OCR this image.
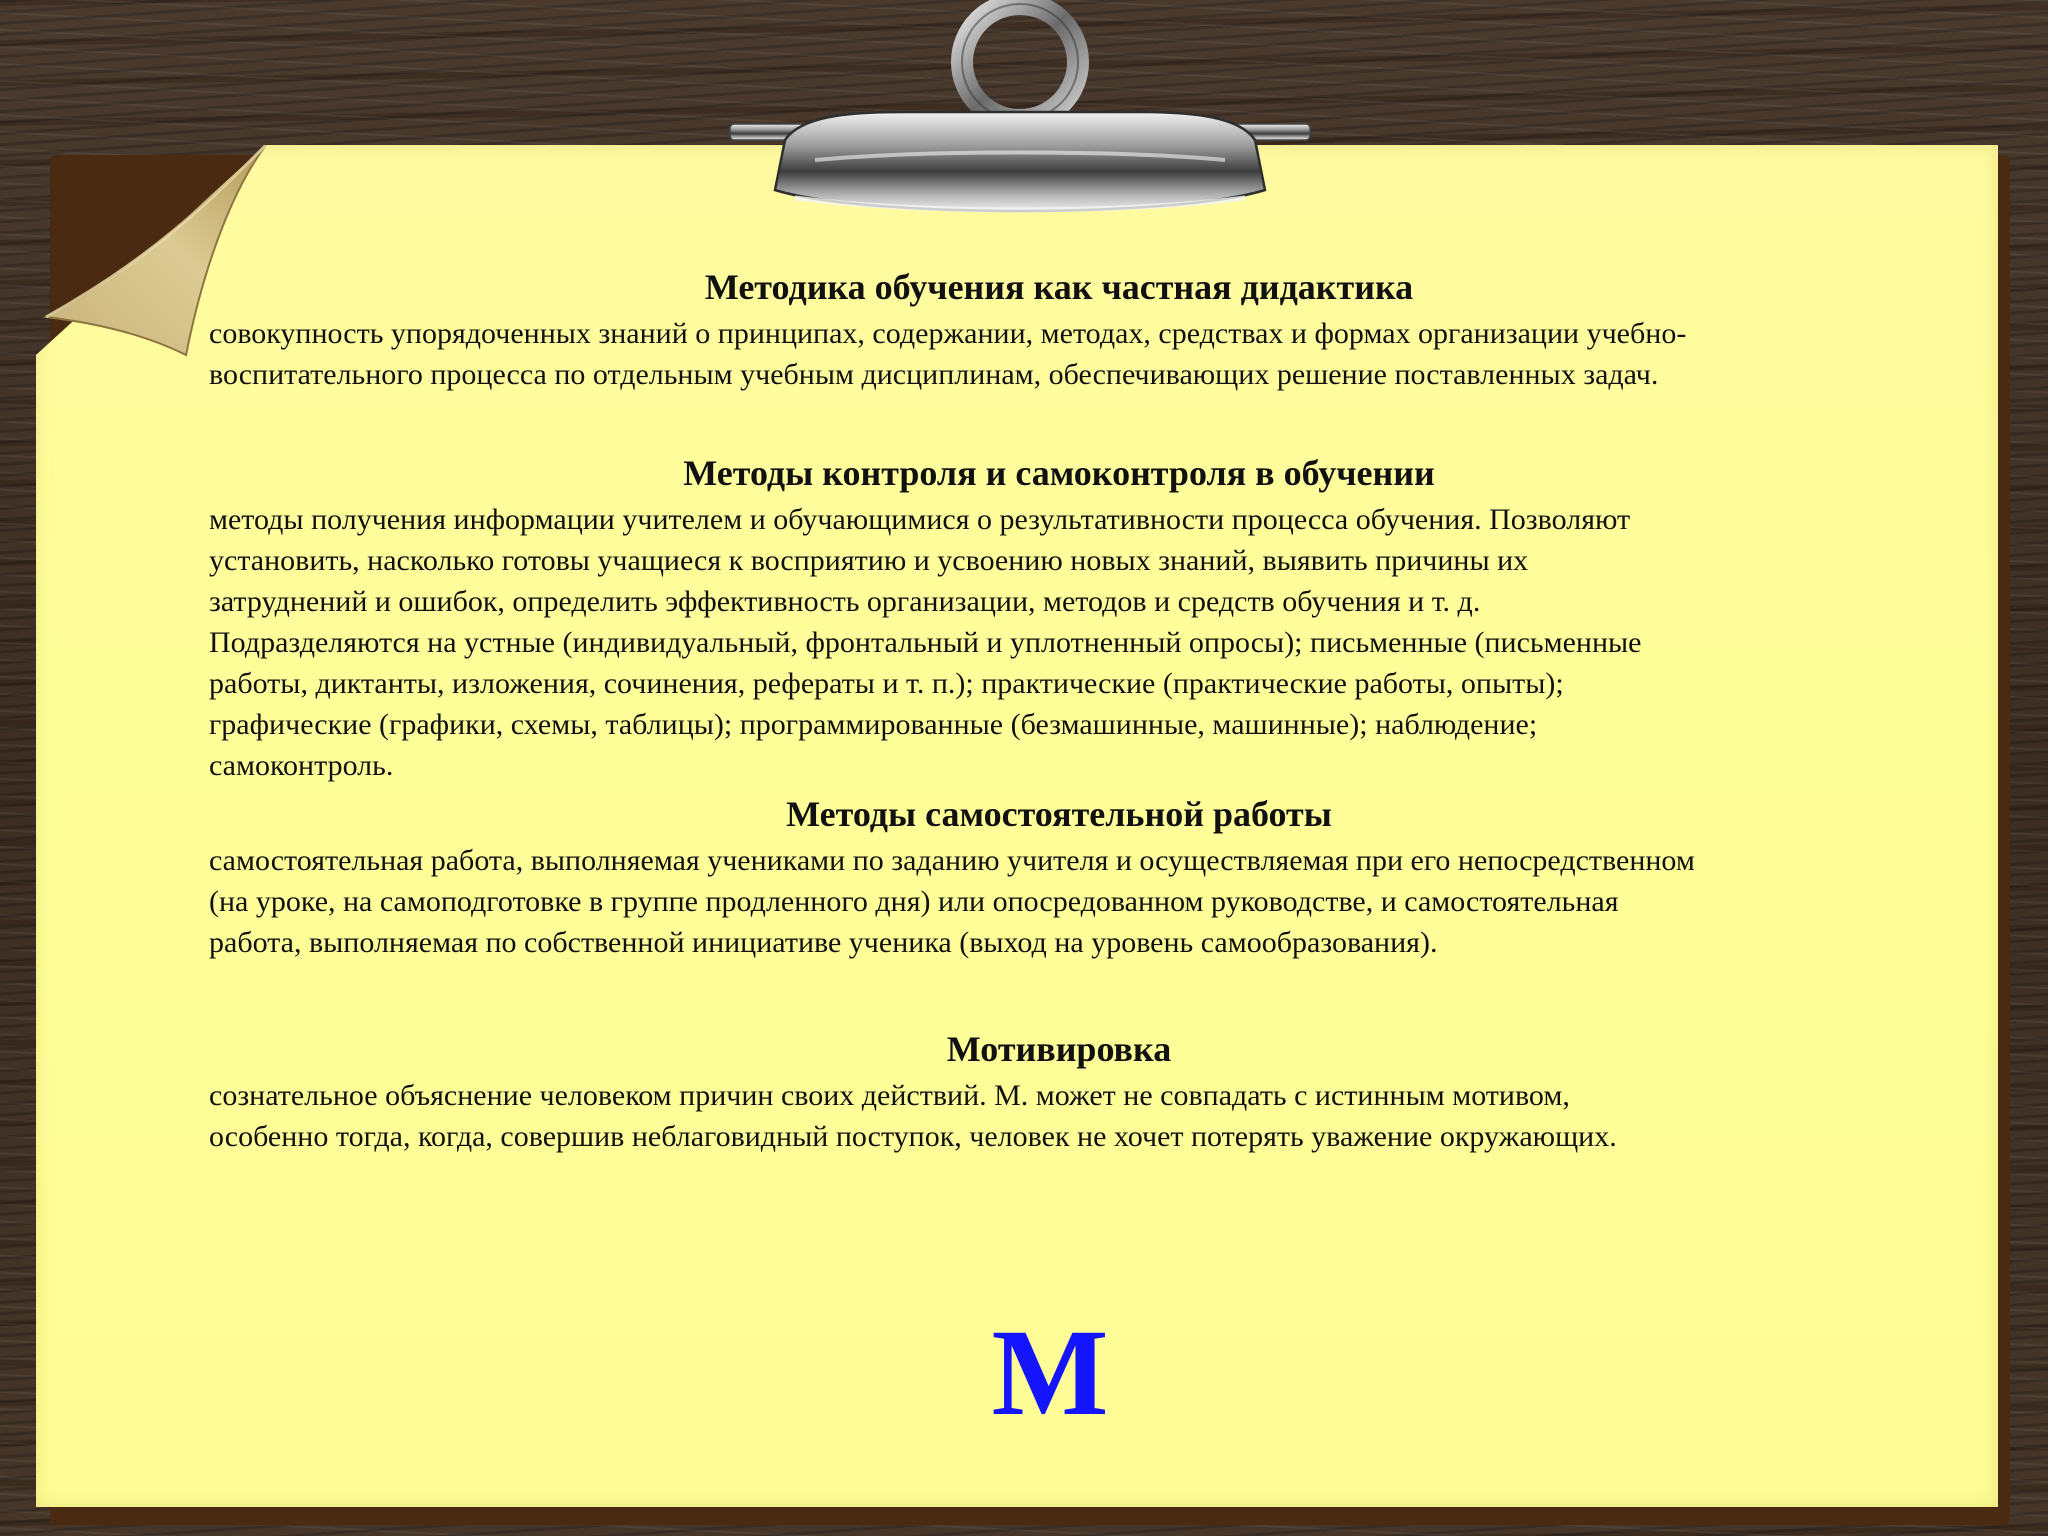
Методика обучения как частная дидактика

совокупность упорядоченных знаний о принципах, содержании, методах, средствах и формах организации учебно-
воспитательного процесса по отдельным учебным дисциплинам, обеспечивающих решение поставленных задач.

Методы контроля и самоконтроля в обучении

методы получения информации учителем и обучающимися о результативности процесса обучения. Позволяют
установить, насколько готовы учащиеся к восприятию и усвоению новых знаний, выявить причины их
затруднений и ошибок, определить эффективность организации, методов и средств обучения и т. д.
Подразделяются на устные (индивидуальный, фронтальный и уплотненный опросы); письменные (письменные
работы, диктанты, изложения, сочинения, рефераты и т. п.); практические (практические работы, опыты);
графические (графики, схемы, таблицы); программированные (безмашинные, машинные); наблюдение;
самоконтроль.

Методы самостоятельной работы

самостоятельная работа, выполняемая учениками по заданию учителя и осуществляемая при его непосредственном
(на уроке, на самоподготовке в группе продленного дня) или опосредованном руководстве, и самостоятельная
работа, выполняемая по собственной инициативе ученика (выход на уровень самообразования).

Мотивировка

сознательное объяснение человеком причин своих действий. М. может не совпадать с истинным мотивом,
особенно тогда, когда, совершив неблаговидный поступок, человек не хочет потерять уважение окружающих.

М
